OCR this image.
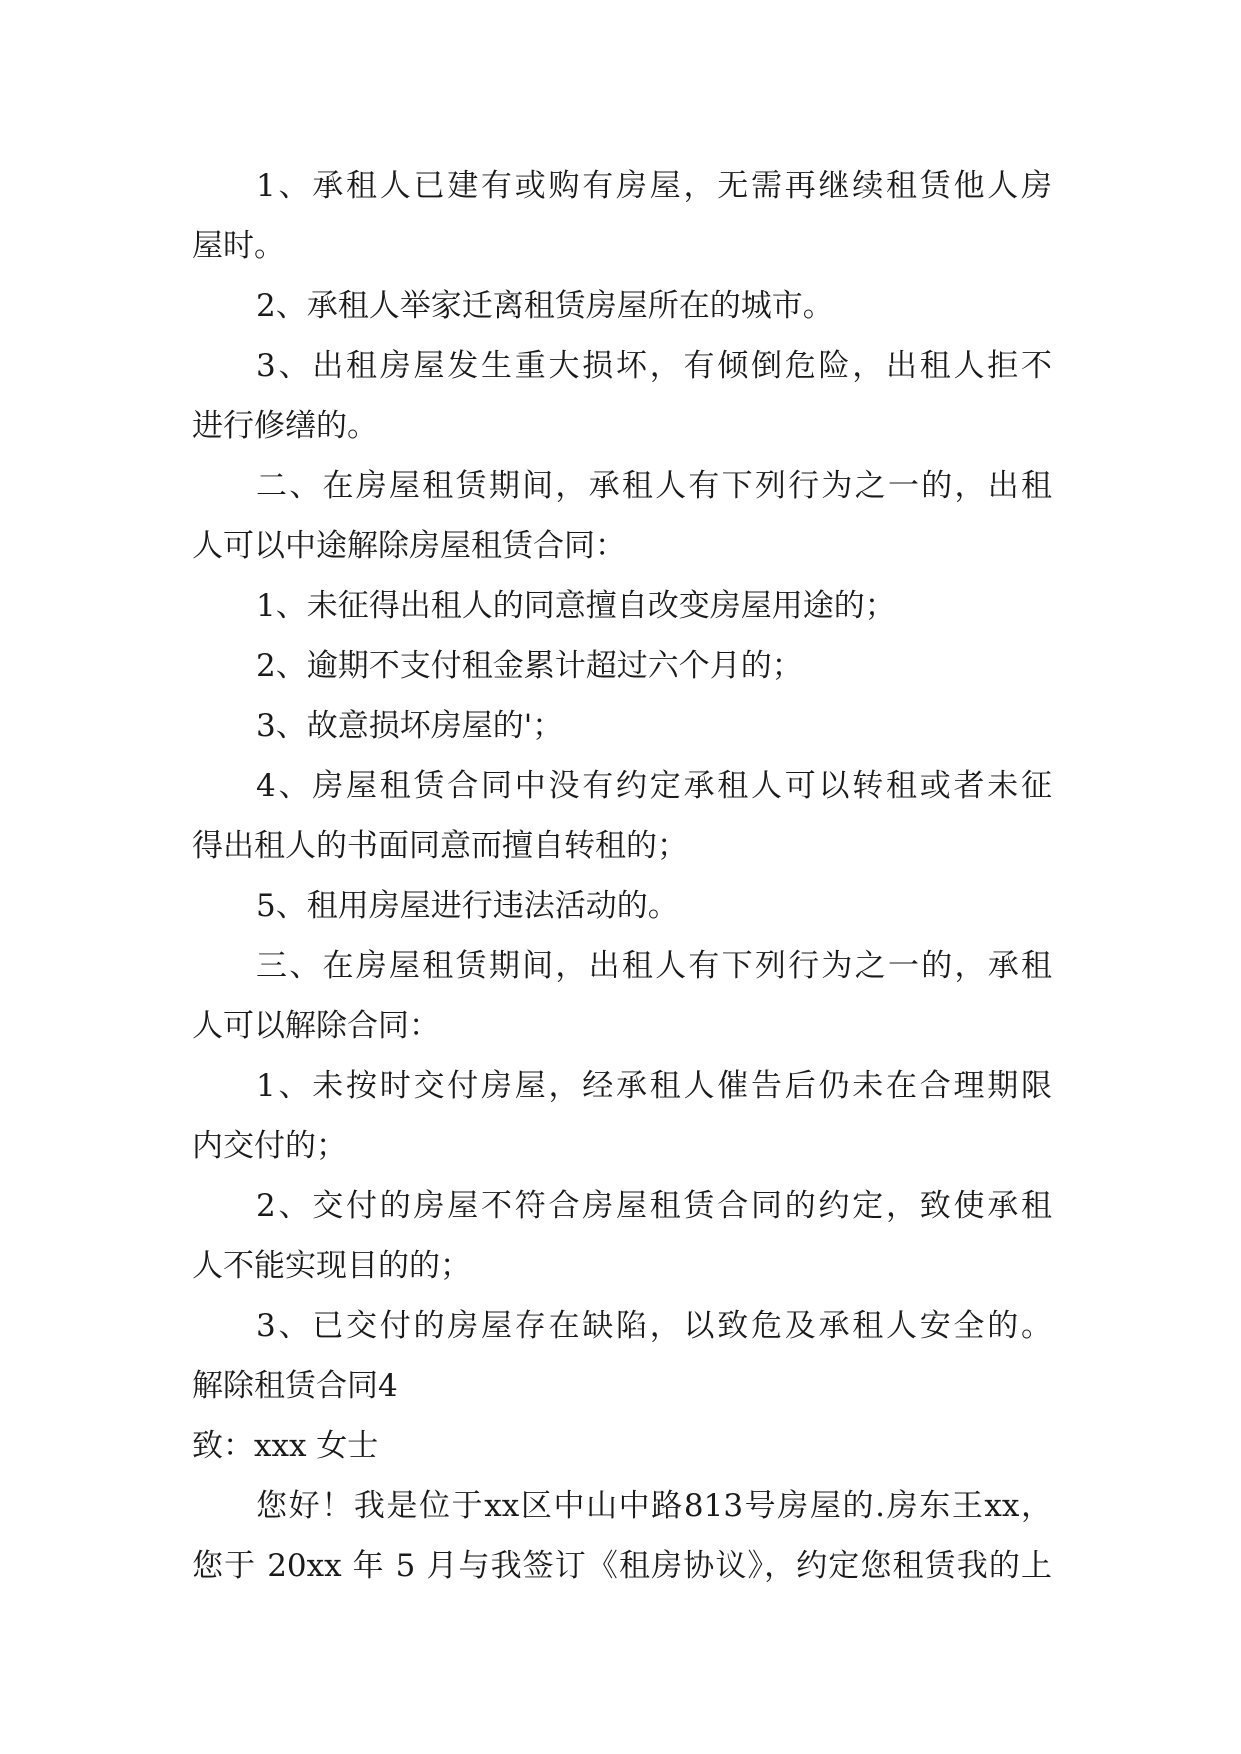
1、承租人已建有或购有房屋，无需再继续租赁他人房
屋时。
2、承租人举家迁离租赁房屋所在的城市。
3、出租房屋发生重大损坏，有倾倒危险，出租人拒不
进行修缮的。
二、在房屋租赁期间，承租人有下列行为之一的，出租
人可以中途解除房屋租赁合同：
1、未征得出租人的同意擅自改变房屋用途的；
2、逾期不支付租金累计超过六个月的；
3、故意损坏房屋的'；
4、房屋租赁合同中没有约定承租人可以转租或者未征
得出租人的书面同意而擅自转租的；
5、租用房屋进行违法活动的。
三、在房屋租赁期间，出租人有下列行为之一的，承租
人可以解除合同：
1、未按时交付房屋，经承租人催告后仍未在合理期限
内交付的；
2、交付的房屋不符合房屋租赁合同的约定，致使承租
人不能实现目的的；
3、已交付的房屋存在缺陷，以致危及承租人安全的。
解除租赁合同4
致：xxx 女士
您好！我是位于xx区中山中路813号房屋的.房东王xx，
您于 20xx 年 5 月与我签订《租房协议》，约定您租赁我的上
